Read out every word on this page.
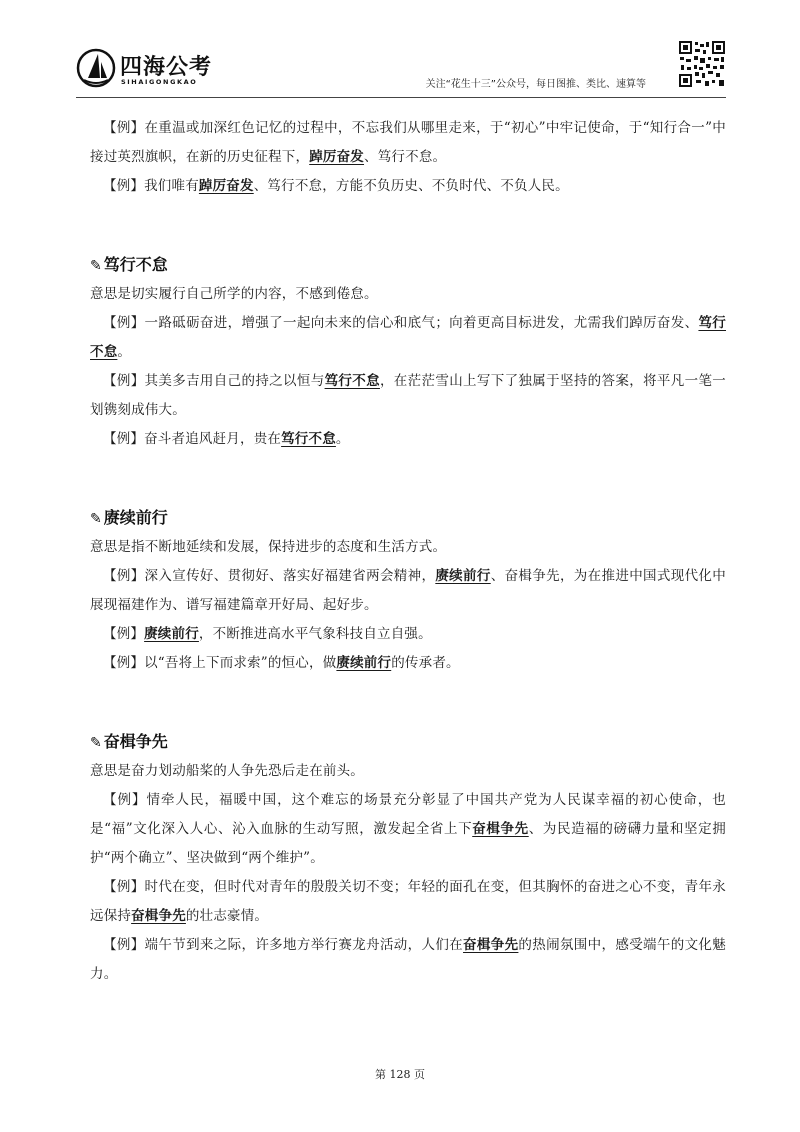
四海公考
SIHAIGONGKAO	关注“花生十三”公众号，每日图推、类比、速算等

【例】在重温或加深红色记忆的过程中，不忘我们从哪里走来，于“初心”中牢记使命，于“知行合一”中接过英烈旗帜，在新的历史征程下，踔厉奋发、笃行不怠。

【例】我们唯有踔厉奋发、笃行不怠，方能不负历史、不负时代、不负人民。

✎ 笃行不怠

意思是切实履行自己所学的内容，不感到倦怠。

【例】一路砥砺奋进，增强了一起向未来的信心和底气；向着更高目标进发，尤需我们踔厉奋发、笃行不怠。

【例】其美多吉用自己的持之以恒与笃行不怠，在茫茫雪山上写下了独属于坚持的答案，将平凡一笔一划镌刻成伟大。

【例】奋斗者追风赶月，贵在笃行不怠。

✎ 赓续前行

意思是指不断地延续和发展，保持进步的态度和生活方式。

【例】深入宣传好、贯彻好、落实好福建省两会精神，赓续前行、奋楫争先，为在推进中国式现代化中展现福建作为、谱写福建篇章开好局、起好步。

【例】赓续前行，不断推进高水平气象科技自立自强。

【例】以“吾将上下而求索”的恒心，做赓续前行的传承者。

✎ 奋楫争先

意思是奋力划动船桨的人争先恐后走在前头。

【例】情牵人民，福暖中国，这个难忘的场景充分彰显了中国共产党为人民谋幸福的初心使命，也是“福”文化深入人心、沁入血脉的生动写照，激发起全省上下奋楫争先、为民造福的磅礴力量和坚定拥护“两个确立”、坚决做到“两个维护”。

【例】时代在变，但时代对青年的殷殷关切不变；年轻的面孔在变，但其胸怀的奋进之心不变，青年永远保持奋楫争先的壮志豪情。

【例】端午节到来之际，许多地方举行赛龙舟活动，人们在奋楫争先的热闹氛围中，感受端午的文化魅力。

第 128 页
